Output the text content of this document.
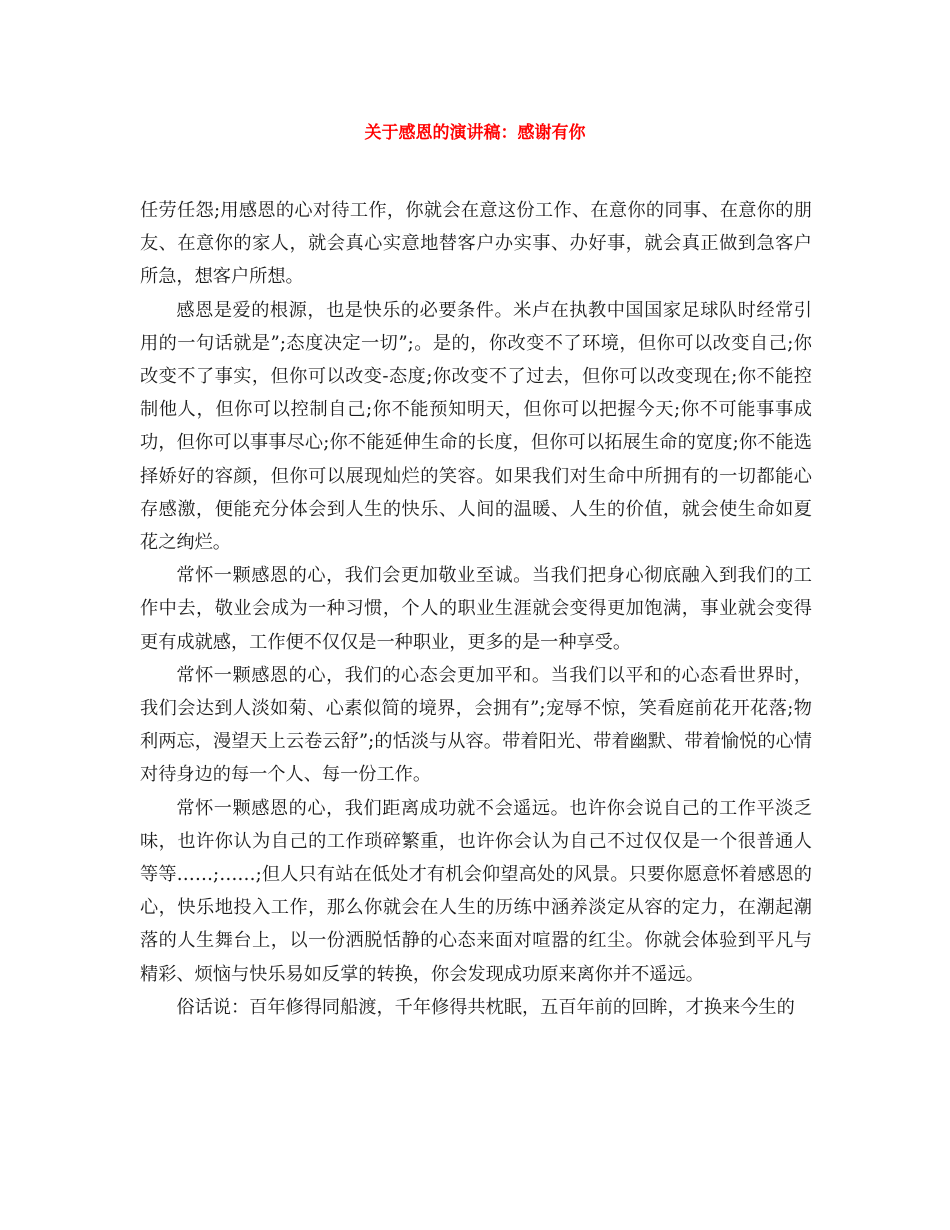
关于感恩的演讲稿：感谢有你

任劳任怨;用感恩的心对待工作，你就会在意这份工作、在意你的同事、在意你的朋友、在意你的家人，就会真心实意地替客户办实事、办好事，就会真正做到急客户所急，想客户所想。

感恩是爱的根源，也是快乐的必要条件。米卢在执教中国国家足球队时经常引用的一句话就是”;态度决定一切”;。是的，你改变不了环境，但你可以改变自己;你改变不了事实，但你可以改变-态度;你改变不了过去，但你可以改变现在;你不能控制他人，但你可以控制自己;你不能预知明天，但你可以把握今天;你不可能事事成功，但你可以事事尽心;你不能延伸生命的长度，但你可以拓展生命的宽度;你不能选择娇好的容颜，但你可以展现灿烂的笑容。如果我们对生命中所拥有的一切都能心存感激，便能充分体会到人生的快乐、人间的温暖、人生的价值，就会使生命如夏花之绚烂。

常怀一颗感恩的心，我们会更加敬业至诚。当我们把身心彻底融入到我们的工作中去，敬业会成为一种习惯，个人的职业生涯就会变得更加饱满，事业就会变得更有成就感，工作便不仅仅是一种职业，更多的是一种享受。

常怀一颗感恩的心，我们的心态会更加平和。当我们以平和的心态看世界时，我们会达到人淡如菊、心素似简的境界，会拥有”;宠辱不惊，笑看庭前花开花落;物利两忘，漫望天上云卷云舒”;的恬淡与从容。带着阳光、带着幽默、带着愉悦的心情对待身边的每一个人、每一份工作。

常怀一颗感恩的心，我们距离成功就不会遥远。也许你会说自己的工作平淡乏味，也许你认为自己的工作琐碎繁重，也许你会认为自己不过仅仅是一个很普通人等等……;……;但人只有站在低处才有机会仰望高处的风景。只要你愿意怀着感恩的心，快乐地投入工作，那么你就会在人生的历练中涵养淡定从容的定力，在潮起潮落的人生舞台上，以一份洒脱恬静的心态来面对喧嚣的红尘。你就会体验到平凡与精彩、烦恼与快乐易如反掌的转换，你会发现成功原来离你并不遥远。

俗话说：百年修得同船渡，千年修得共枕眠，五百年前的回眸，才换来今生的
